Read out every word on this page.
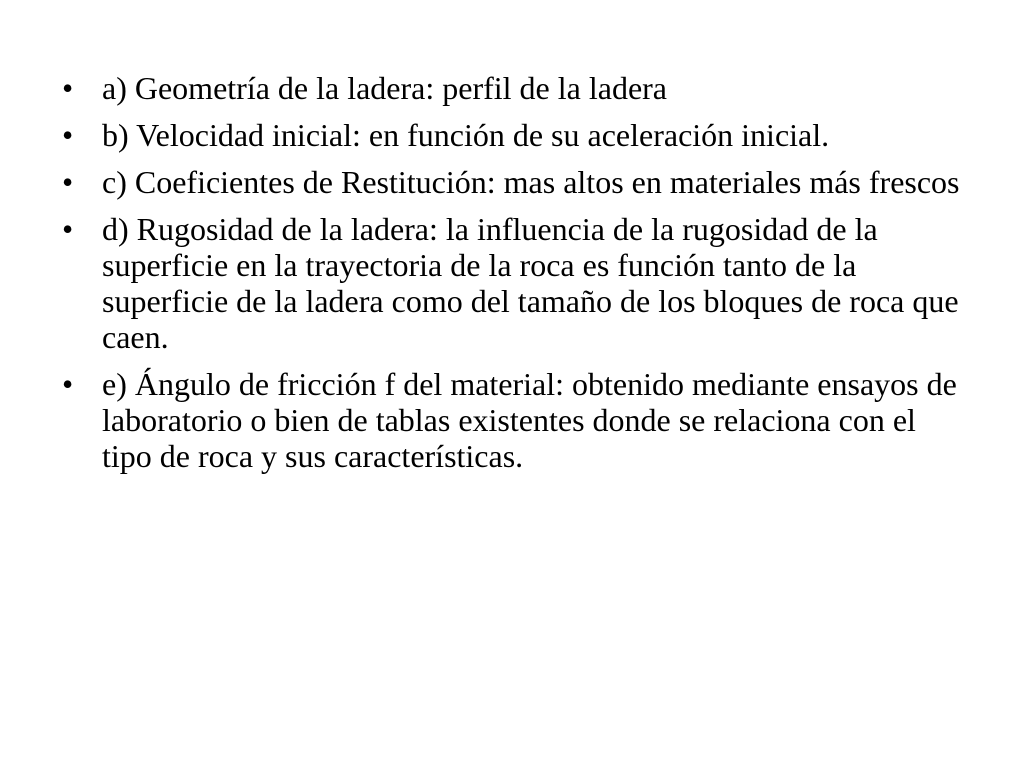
• a) Geometría de la ladera: perfil de la ladera
• b) Velocidad inicial: en función de su aceleración inicial.
• c) Coeficientes de Restitución: mas altos en materiales más frescos
• d) Rugosidad de la ladera: la influencia de la rugosidad de la superficie en la trayectoria de la roca es función tanto de la superficie de la ladera como del tamaño de los bloques de roca que caen.
• e) Ángulo de fricción f del material: obtenido mediante ensayos de laboratorio o bien de tablas existentes donde se relaciona con el tipo de roca y sus características.
